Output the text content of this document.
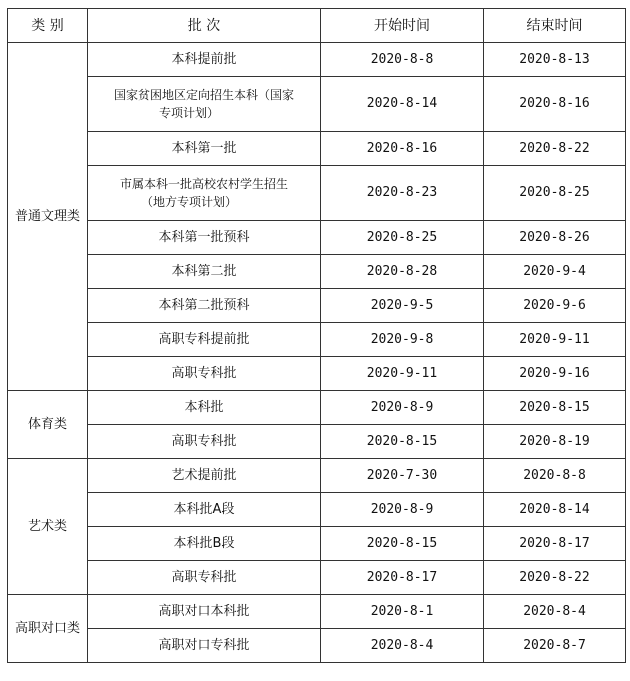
类 别	批 次	开始时间	结束时间
普通文理类	本科提前批	2020-8-8	2020-8-13

	国家贫困地区定向招生本科（国家
专项计划）	2020-8-14	2020-8-16
	本科第一批	2020-8-16	2020-8-22

	市属本科一批高校农村学生招生
（地方专项计划）	2020-8-23	2020-8-25
	本科第一批预科	2020-8-25	2020-8-26
	本科第二批	2020-8-28	2020-9-4
	本科第二批预科	2020-9-5	2020-9-6
	高职专科提前批	2020-9-8	2020-9-11
	高职专科批	2020-9-11	2020-9-16
体育类	本科批	2020-8-9	2020-8-15
	高职专科批	2020-8-15	2020-8-19
艺术类	艺术提前批	2020-7-30	2020-8-8
	本科批A段	2020-8-9	2020-8-14
	本科批B段	2020-8-15	2020-8-17
	高职专科批	2020-8-17	2020-8-22
高职对口类	高职对口本科批	2020-8-1	2020-8-4
	高职对口专科批	2020-8-4	2020-8-7
